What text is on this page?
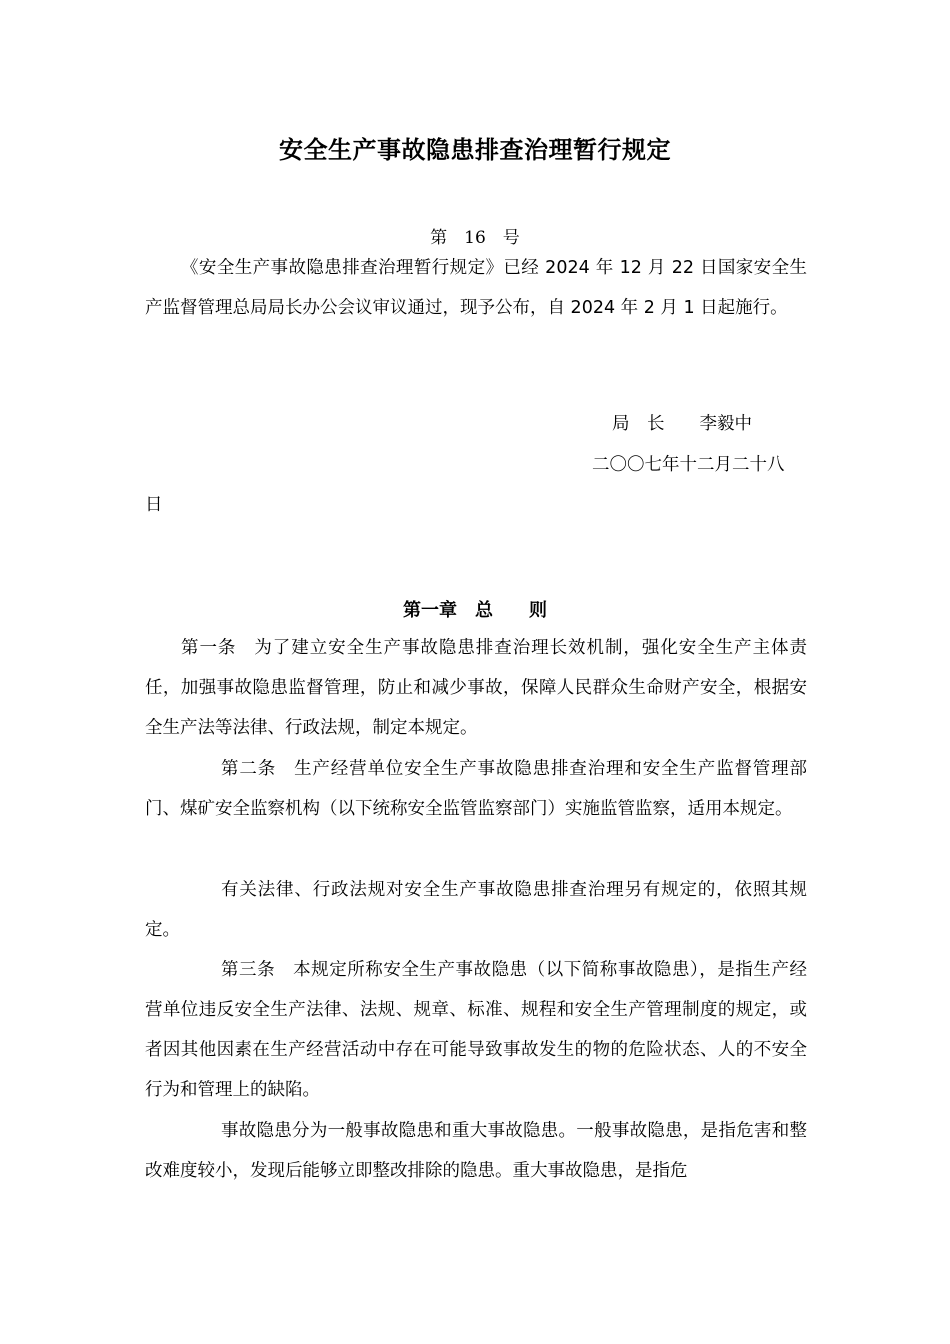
安全生产事故隐患排查治理暂行规定
第　16　号

《安全生产事故隐患排查治理暂行规定》已经 2024 年 12 月 22 日国家安全生产监督管理总局局长办公会议审议通过，现予公布，自 2024 年 2 月 1 日起施行。

局　长　　李毅中
二〇〇七年十二月二十八
日
第一章　总　　则

第一条 为了建立安全生产事故隐患排查治理长效机制，强化安全生产主体责任，加强事故隐患监督管理，防止和减少事故，保障人民群众生命财产安全，根据安全生产法等法律、行政法规，制定本规定。

第二条 生产经营单位安全生产事故隐患排查治理和安全生产监督管理部门、煤矿安全监察机构（以下统称安全监管监察部门）实施监管监察，适用本规定。

有关法律、行政法规对安全生产事故隐患排查治理另有规定的，依照其规定。

第三条 本规定所称安全生产事故隐患（以下简称事故隐患），是指生产经营单位违反安全生产法律、法规、规章、标准、规程和安全生产管理制度的规定，或者因其他因素在生产经营活动中存在可能导致事故发生的物的危险状态、人的不安全行为和管理上的缺陷。

事故隐患分为一般事故隐患和重大事故隐患。一般事故隐患，是指危害和整改难度较小，发现后能够立即整改排除的隐患。重大事故隐患，是指危
